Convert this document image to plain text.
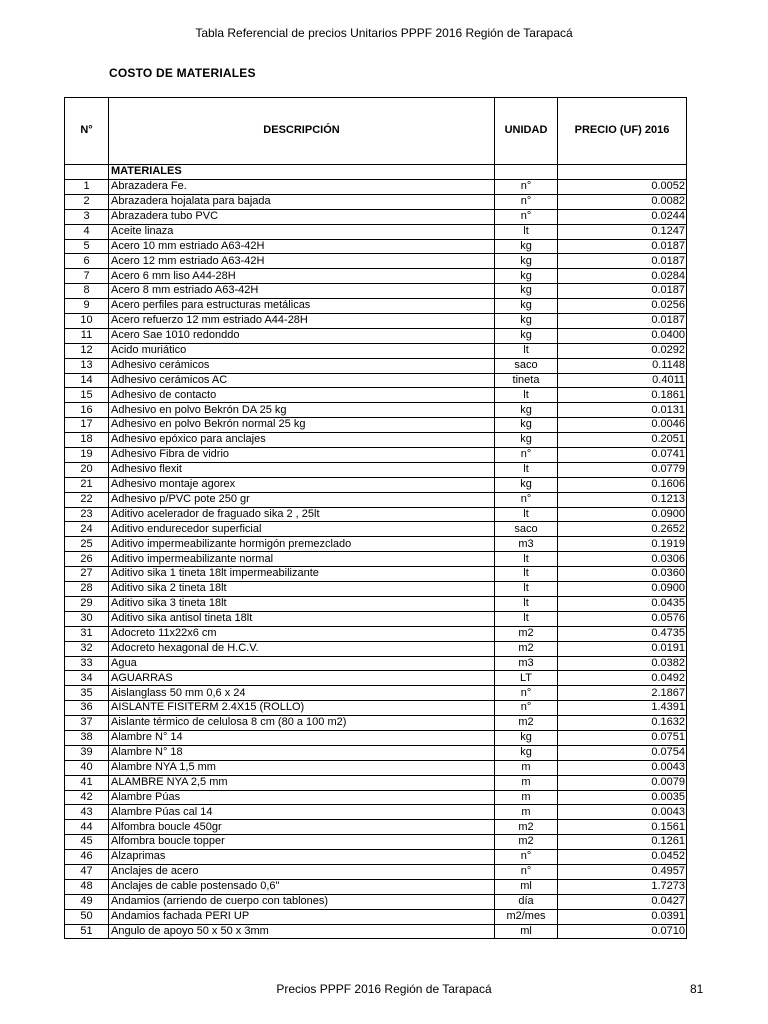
Tabla Referencial de precios Unitarios PPPF 2016 Región de Tarapacá
COSTO DE MATERIALES
N°	DESCRIPCIÓN	UNIDAD	PRECIO (UF) 2016
	MATERIALES		
1	Abrazadera Fe.	n°	0.0052
2	Abrazadera hojalata para bajada	n°	0.0082
3	Abrazadera tubo PVC	n°	0.0244
4	Aceite linaza	lt	0.1247
5	Acero 10 mm estriado A63-42H	kg	0.0187
6	Acero 12 mm estriado A63-42H	kg	0.0187
7	Acero 6 mm liso A44-28H	kg	0.0284
8	Acero 8 mm estriado A63-42H	kg	0.0187
9	Acero perfiles para estructuras metálicas	kg	0.0256
10	Acero refuerzo 12 mm estriado A44-28H	kg	0.0187
11	Acero Sae 1010 redonddo	kg	0.0400
12	Acido muriático	lt	0.0292
13	Adhesivo cerámicos	saco	0.1148
14	Adhesivo cerámicos AC	tineta	0.4011
15	Adhesivo de contacto	lt	0.1861
16	Adhesivo en polvo Bekrón DA 25 kg	kg	0.0131
17	Adhesivo en polvo Bekrón normal 25 kg	kg	0.0046
18	Adhesivo epóxico para anclajes	kg	0.2051
19	Adhesivo Fibra de vidrio	n°	0.0741
20	Adhesivo flexit	lt	0.0779
21	Adhesivo montaje agorex	kg	0.1606
22	Adhesivo p/PVC pote 250 gr	n°	0.1213
23	Aditivo acelerador de fraguado sika 2 , 25lt	lt	0.0900
24	Aditivo endurecedor superficial	saco	0.2652
25	Aditivo impermeabilizante hormigón premezclado	m3	0.1919
26	Aditivo impermeabilizante normal	lt	0.0306
27	Aditivo sika 1 tineta 18lt impermeabilizante	lt	0.0360
28	Aditivo sika 2 tineta 18lt	lt	0.0900
29	Aditivo sika 3 tineta 18lt	lt	0.0435
30	Aditivo sika antisol tineta 18lt	lt	0.0576
31	Adocreto 11x22x6 cm	m2	0.4735
32	Adocreto hexagonal de H.C.V.	m2	0.0191
33	Agua	m3	0.0382
34	AGUARRAS	LT	0.0492
35	Aislanglass 50 mm 0,6 x 24	n°	2.1867
36	AISLANTE FISITERM 2.4X15 (ROLLO)	n°	1.4391
37	Aislante térmico de celulosa 8 cm (80 a 100 m2)	m2	0.1632
38	Alambre N° 14	kg	0.0751
39	Alambre N° 18	kg	0.0754
40	Alambre NYA 1,5 mm	m	0.0043
41	ALAMBRE NYA 2,5 mm	m	0.0079
42	Alambre Púas	m	0.0035
43	Alambre Púas cal 14	m	0.0043
44	Alfombra boucle 450gr	m2	0.1561
45	Alfombra boucle topper	m2	0.1261
46	Alzaprimas	n°	0.0452
47	Anclajes de acero	n°	0.4957
48	Anclajes de cable postensado 0,6"	ml	1.7273
49	Andamios (arriendo de cuerpo con tablones)	día	0.0427
50	Andamios fachada PERI UP	m2/mes	0.0391
51	Angulo de apoyo 50 x 50 x 3mm	ml	0.0710
Precios PPPF 2016 Región de Tarapacá	81
